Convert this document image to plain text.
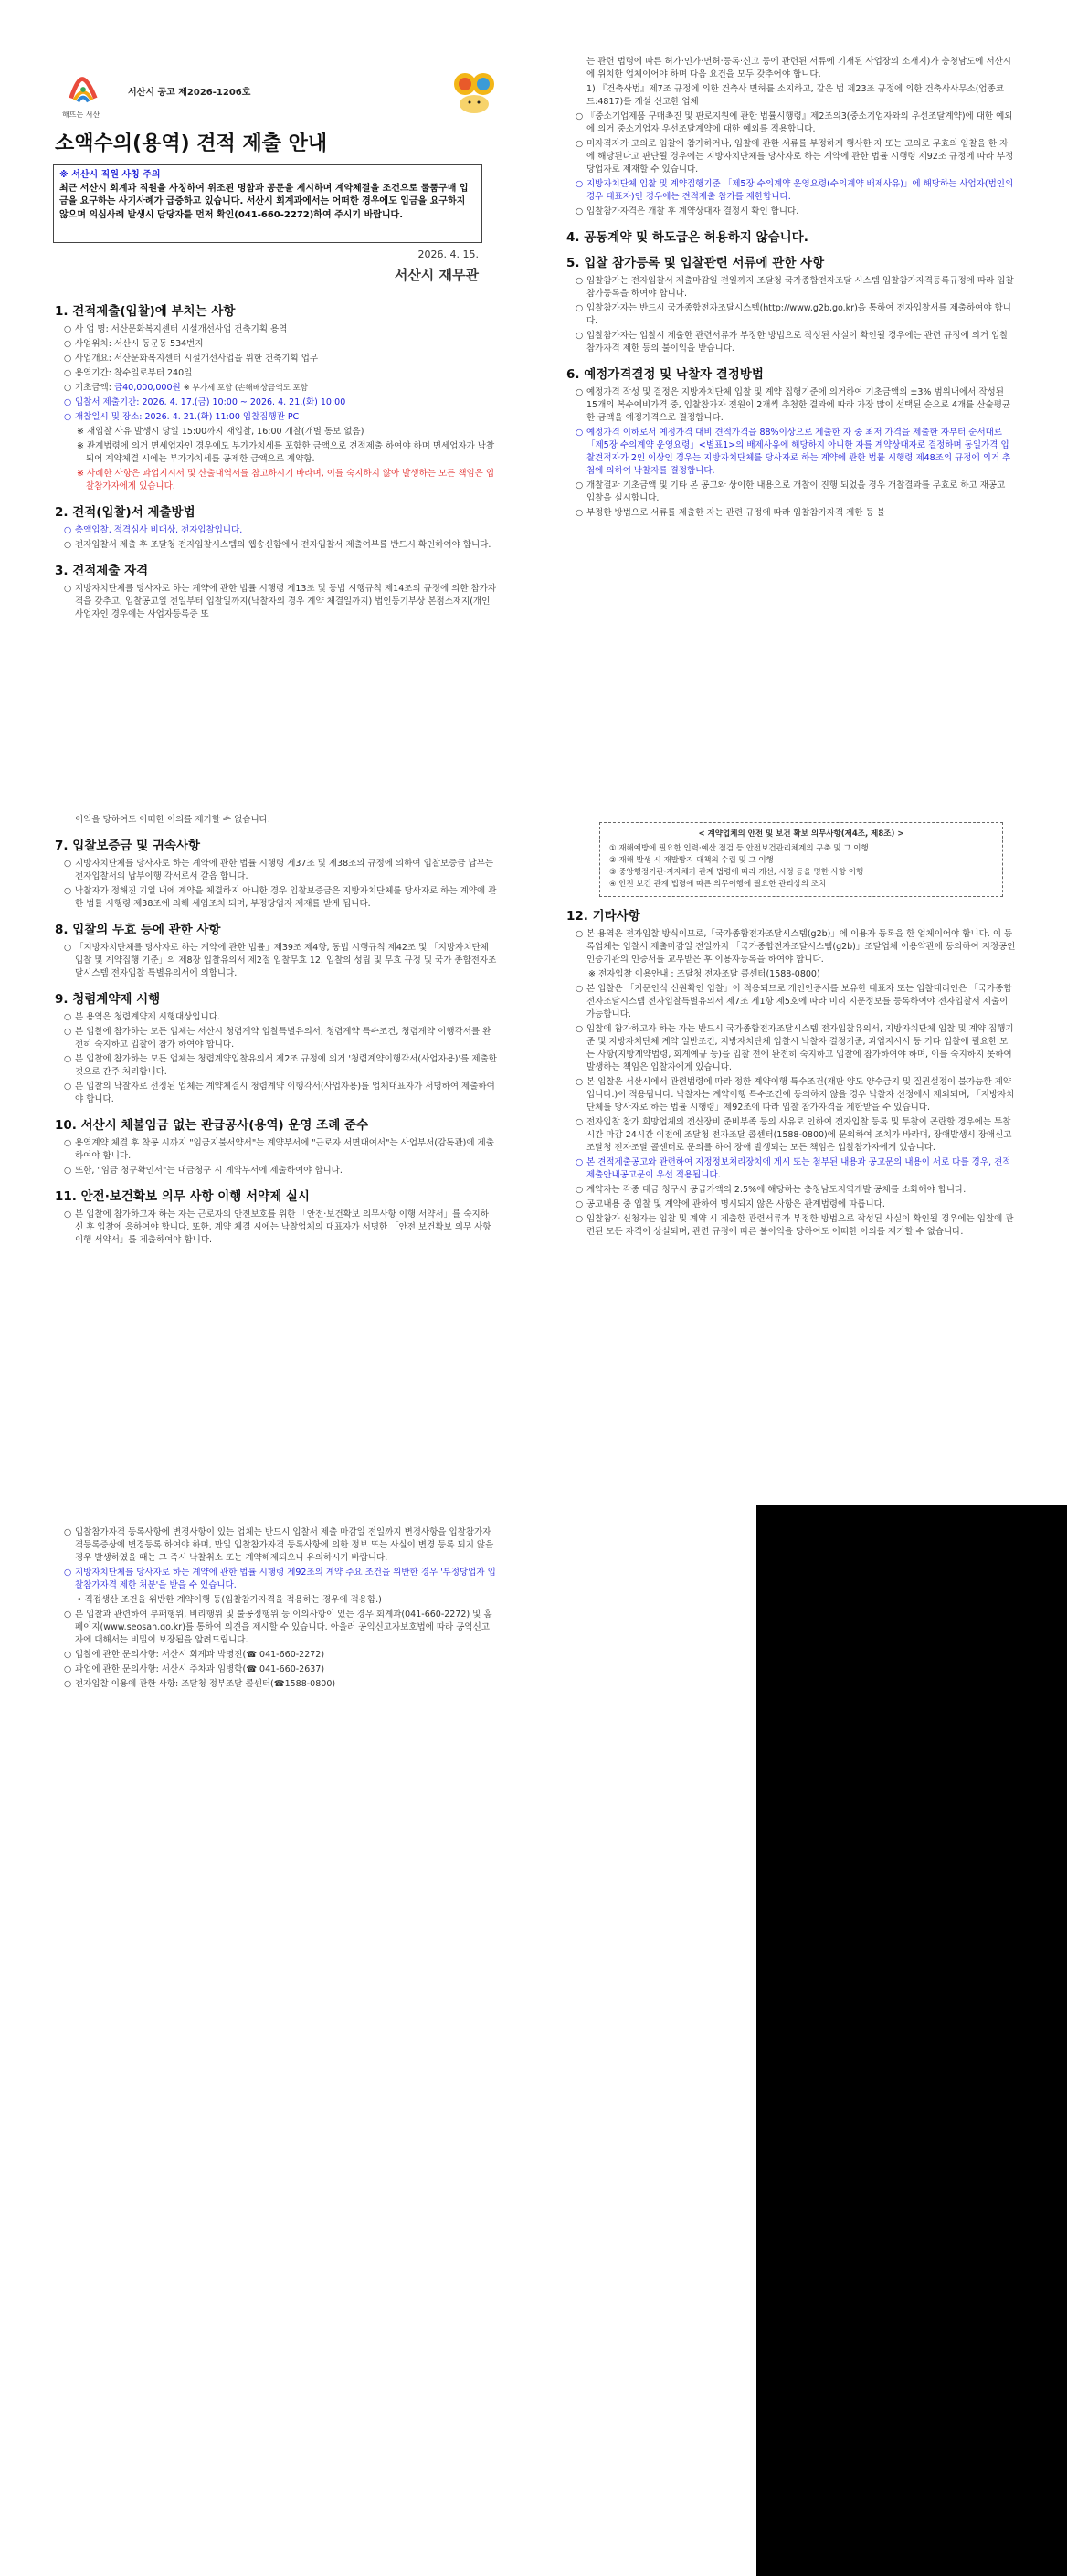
해뜨는 서산
서산시 공고 제2026-1206호
소액수의(용역) 견적 제출 안내
※ 서산시 직원 사칭 주의
최근 서산시 회계과 직원을 사칭하여 위조된 명함과 공문을 제시하며 계약체결을 조건으로 물품구매 입금을 요구하는 사기사례가 급증하고 있습니다. 서산시 회계과에서는 어떠한 경우에도 입금을 요구하지 않으며 의심사례 발생시 담당자를 먼저 확인(041-660-2272)하여 주시기 바랍니다.
2026. 4. 15.
서산시 재무관
1. 견적제출(입찰)에 부치는 사항
○ 사 업 명: 서산문화복지센터 시설개선사업 건축기획 용역
○ 사업위치: 서산시 동문동 534번지
○ 사업개요: 서산문화복지센터 시설개선사업을 위한 건축기획 업무
○ 용역기간: 착수일로부터 240일
○ 기초금액: 금40,000,000원 ※ 부가세 포함 (손해배상금액도 포함
○ 입찰서 제출기간: 2026. 4. 17.(금) 10:00 ~ 2026. 4. 21.(화) 10:00
○ 개찰일시 및 장소: 2026. 4. 21.(화) 11:00 입찰집행관 PC
※ 재입찰 사유 발생시 당일 15:00까지 재입찰, 16:00 개찰(개별 통보 없음)
※ 관계법령에 의거 면세업자인 경우에도 부가가치세를 포함한 금액으로 견적제출 하여야 하며 면세업자가 낙찰되어 계약체결 시에는 부가가치세를 공제한 금액으로 계약함.
※ 사례한 사항은 과업지시서 및 산출내역서를 참고하시기 바라며, 이를 숙지하지 않아 발생하는 모든 책임은 입찰참가자에게 있습니다.
2. 견적(입찰)서 제출방법
○ 총액입찰, 적격심사 비대상, 전자입찰입니다.
○ 전자입찰서 제출 후 조달청 전자입찰시스템의 웹송신함에서 전자입찰서 제출여부를 반드시 확인하여야 합니다.
3. 견적제출 자격
○ 지방자치단체를 당사자로 하는 계약에 관한 법률 시행령 제13조 및 동법 시행규칙 제14조의 규정에 의한 참가자격을 갖추고, 입찰공고일 전일부터 입찰일까지(낙찰자의 경우 계약 체결일까지) 법인등기부상 본점소재지(개인사업자인 경우에는 사업자등록증 또
는 관련 법령에 따른 허가·인가·면허·등록·신고 등에 관련된 서류에 기재된 사업장의 소재지)가 충청남도에 서산시에 위치한 업체이어야 하며 다음 요건을 모두 갖추어야 합니다.
1) 『건축사법』제7조 규정에 의한 건축사 면허를 소지하고, 같은 법 제23조 규정에 의한 건축사사무소(업종코드:4817)를 개설 신고한 업체
○ 『중소기업제품 구매촉진 및 판로지원에 관한 법률시행령』제2조의3(중소기업자와의 우선조달계약)에 대한 예외에 의거 중소기업자 우선조달계약에 대한 예외를 적용합니다.
○ 미자격자가 고의로 입찰에 참가하거나, 입찰에 관한 서류를 부정하게 행사한 자 또는 고의로 무효의 입찰을 한 자에 해당된다고 판단될 경우에는 지방자치단체를 당사자로 하는 계약에 관한 법률 시행령 제92조 규정에 따라 부정당업자로 제재할 수 있습니다.
○ 지방자치단체 입찰 및 계약집행기준 「제5장 수의계약 운영요령(수의계약 배제사유)」에 해당하는 사업자(법인의 경우 대표자)인 경우에는 견적제출 참가를 제한합니다.
○ 입찰참가자격은 개찰 후 계약상대자 결정시 확인 합니다.
4. 공동계약 및 하도급은 허용하지 않습니다.
5. 입찰 참가등록 및 입찰관련 서류에 관한 사항
○ 입찰참가는 전자입찰서 제출마감일 전일까지 조달청 국가종합전자조달 시스템 입찰참가자격등록규정에 따라 입찰참가등록을 하여야 합니다.
○ 입찰참가자는 반드시 국가종합전자조달시스템(http://www.g2b.go.kr)을 통하여 전자입찰서를 제출하여야 합니다.
○ 입찰참가자는 입찰시 제출한 관련서류가 부정한 방법으로 작성된 사실이 확인될 경우에는 관련 규정에 의거 입찰참가자격 제한 등의 불이익을 받습니다.
6. 예정가격결정 및 낙찰자 결정방법
○ 예정가격 작성 및 결정은 지방자치단체 입찰 및 계약 집행기준에 의거하여 기초금액의 ±3% 범위내에서 작성된 15개의 복수예비가격 중, 입찰참가자 전원이 2개씩 추첨한 결과에 따라 가장 많이 선택된 순으로 4개를 산술평균한 금액을 예정가격으로 결정합니다.
○ 예정가격 이하로서 예정가격 대비 견적가격을 88%이상으로 제출한 자 중 최저 가격을 제출한 자부터 순서대로 「제5장 수의계약 운영요령」<별표1>의 배제사유에 해당하지 아니한 자를 계약상대자로 결정하며 동일가격 입찰견적자가 2인 이상인 경우는 지방자치단체를 당사자로 하는 계약에 관한 법률 시행령 제48조의 규정에 의거 추첨에 의하여 낙찰자를 결정합니다.
○ 개찰결과 기초금액 및 기타 본 공고와 상이한 내용으로 개찰이 진행 되었을 경우 개찰결과를 무효로 하고 재공고 입찰을 실시합니다.
○ 부정한 방법으로 서류를 제출한 자는 관련 규정에 따라 입찰참가자격 제한 등 불
이익을 당하여도 어떠한 이의를 제기할 수 없습니다.
7. 입찰보증금 및 귀속사항
○ 지방자치단체를 당사자로 하는 계약에 관한 법률 시행령 제37조 및 제38조의 규정에 의하여 입찰보증금 납부는 전자입찰서의 납부이행 각서로서 갈음 합니다.
○ 낙찰자가 정해진 기일 내에 계약을 체결하지 아니한 경우 입찰보증금은 지방자치단체를 당사자로 하는 계약에 관한 법률 시행령 제38조에 의해 세입조치 되며, 부정당업자 제재를 받게 됩니다.
8. 입찰의 무효 등에 관한 사항
○ 「지방자치단체를 당사자로 하는 계약에 관한 법률」제39조 제4항, 동법 시행규칙 제42조 및 「지방자치단체 입찰 및 계약집행 기준」의 제8장 입찰유의서 제2절 입찰무효 12. 입찰의 성립 및 무효 규정 및 국가 종합전자조달시스템 전자입찰 특별유의서에 의합니다.
9. 청렴계약제 시행
○ 본 용역은 청렴계약제 시행대상입니다.
○ 본 입찰에 참가하는 모든 업체는 서산시 청렴계약 입찰특별유의서, 청렴계약 특수조건, 청렴계약 이행각서를 완전히 숙지하고 입찰에 참가 하여야 합니다.
○ 본 입찰에 참가하는 모든 업체는 청렴계약입찰유의서 제2조 규정에 의거 '청렴계약이행각서(사업자용)'를 제출한 것으로 간주 처리합니다.
○ 본 입찰의 낙찰자로 선정된 업체는 계약체결시 청렴계약 이행각서(사업자용)를 업체대표자가 서명하여 제출하여야 합니다.
10. 서산시 체불임금 없는 관급공사(용역) 운영 조례 준수
○ 용역계약 체결 후 착공 시까지 "임금지불서약서"는 계약부서에 "근로자 서면대여서"는 사업부서(감독관)에 제출하여야 합니다.
○ 또한, "임금 청구확인서"는 대금청구 시 계약부서에 제출하여야 합니다.
11. 안전·보건확보 의무 사항 이행 서약제 실시
○ 본 입찰에 참가하고자 하는 자는 근로자의 안전보호를 위한 「안전·보건확보 의무사항 이행 서약서」를 숙지하신 후 입찰에 응하여야 합니다. 또한, 계약 체결 시에는 낙찰업체의 대표자가 서명한 「안전·보건확보 의무 사항 이행 서약서」를 제출하여야 합니다.
< 계약업체의 안전 및 보건 확보 의무사항(제4조, 제8조) >
① 재해예방에 필요한 인력·예산 점검 등 안전보건관리체계의 구축 및 그 이행
② 재해 발생 시 재발방지 대책의 수립 및 그 이행
③ 중앙행정기관·지자체가 관계 법령에 따라 개선, 시정 등을 명한 사항 이행
④ 안전 보건 관계 법령에 따른 의무이행에 필요한 관리상의 조치
12. 기타사항
○ 본 용역은 전자입찰 방식이므로,「국가종합전자조달시스템(g2b)」에 이용자 등록을 한 업체이어야 합니다. 이 등록업체는 입찰서 제출마감일 전일까지 「국가종합전자조달시스템(g2b)」조달업체 이용약관에 동의하여 지정공인인증기관의 인증서를 교부받은 후 이용자등록을 하여야 합니다.
※ 전자입찰 이용안내 : 조달청 전자조달 콜센터(1588-0800)
○ 본 입찰은 「지문인식 신원확인 입찰」이 적용되므로 개인인증서를 보유한 대표자 또는 입찰대리인은 「국가종합전자조달시스템 전자입찰특별유의서 제7조 제1항 제5호에 따라 미리 지문정보를 등록하여야 전자입찰서 제출이 가능합니다.
○ 입찰에 참가하고자 하는 자는 반드시 국가종합전자조달시스템 전자입찰유의서, 지방자치단체 입찰 및 계약 집행기준 및 지방자치단체 계약 일반조건, 지방자치단체 입찰시 낙찰자 결정기준, 과업지시서 등 기타 입찰에 필요한 모든 사항(지방계약법령, 회계예규 등)을 입찰 전에 완전히 숙지하고 입찰에 참가하여야 하며, 이를 숙지하지 못하여 발생하는 책임은 입찰자에게 있습니다.
○ 본 입찰은 서산시에서 관련법령에 따라 정한 계약이행 특수조건(재판 양도 양수금지 및 질권설정이 불가능한 계약입니다.)이 적용됩니다. 낙찰자는 계약이행 특수조건에 동의하지 않을 경우 낙찰자 선정에서 제외되며, 「지방자치단체를 당사자로 하는 법률 시행령」제92조에 따라 입찰 참가자격을 제한받을 수 있습니다.
○ 전자입찰 참가 희망업체의 전산장비 준비부족 등의 사유로 인하여 전자입찰 등록 및 투찰이 곤란할 경우에는 투찰시간 마감 24시간 이전에 조달청 전자조달 콜센터(1588-0800)에 문의하여 조치가 바라며, 장애발생시 장애신고 조달청 전자조달 콜센터로 문의를 하여 장애 발생되는 모든 책임은 입찰참가자에게 있습니다.
○ 본 견적제출공고와 관련하여 지정정보처리장치에 게시 또는 첨부된 내용과 공고문의 내용이 서로 다를 경우, 견적제출안내공고문이 우선 적용됩니다.
○ 계약자는 각종 대금 청구시 공급가액의 2.5%에 해당하는 충청남도지역개발 공채를 소화해야 합니다.
○ 공고내용 중 입찰 및 계약에 관하여 명시되지 않은 사항은 관계법령에 따릅니다.
○ 입찰참가 신청자는 입찰 및 계약 시 제출한 관련서류가 부정한 방법으로 작성된 사실이 확인될 경우에는 입찰에 관련된 모든 자격이 상실되며, 관련 규정에 따른 불이익을 당하여도 어떠한 이의를 제기할 수 없습니다.
○ 입찰참가자격 등록사항에 변경사항이 있는 업체는 반드시 입찰서 제출 마감일 전일까지 변경사항을 입찰참가자격등록증상에 변경등록 하여야 하며, 만일 입찰참가자격 등록사항에 의한 정보 또는 사실이 변경 등록 되지 않을 경우 발생하였을 때는 그 즉시 낙찰취소 또는 계약해제되오니 유의하시기 바랍니다.
○ 지방자치단체를 당사자로 하는 계약에 관한 법률 시행령 제92조의 계약 주요 조건을 위반한 경우 '부정당업자 입찰참가자격 제한 처분'을 받을 수 있습니다.
• 직접생산 조건을 위반한 계약이행 등(입찰참가자격을 적용하는 경우에 적용함.)
○ 본 입찰과 관련하여 부패행위, 비리행위 및 불공정행위 등 이의사항이 있는 경우 회계과(041-660-2272) 및 홈페이지(www.seosan.go.kr)를 통하여 의견을 제시할 수 있습니다. 아울러 공익신고자보호법에 따라 공익신고자에 대해서는 비밀이 보장됨을 알려드립니다.
○ 입찰에 관한 문의사항: 서산시 회계과 박명진(☎ 041-660-2272)
○ 과업에 관한 문의사항: 서산시 주차과 임병학(☎ 041-660-2637)
○ 전자입찰 이용에 관한 사항: 조달청 정부조달 콜센터(☎1588-0800)
